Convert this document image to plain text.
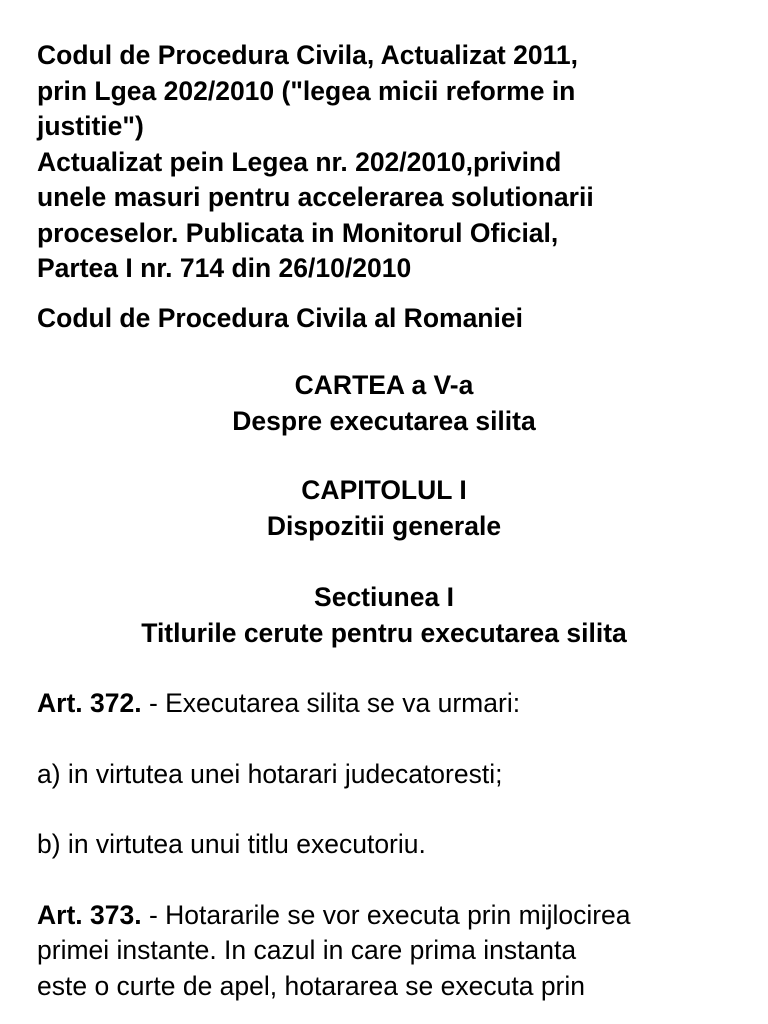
Codul de Procedura Civila, Actualizat 2011,

prin Lgea 202/2010 ("legea micii reforme in

justitie")

Actualizat pein Legea nr. 202/2010,privind

unele masuri pentru accelerarea solutionarii

proceselor. Publicata in Monitorul Oficial,

Partea I nr. 714 din 26/10/2010

Codul de Procedura Civila al Romaniei

CARTEA a V-a

Despre executarea silita

CAPITOLUL I

Dispozitii generale

Sectiunea I

Titlurile cerute pentru executarea silita

Art. 372. - Executarea silita se va urmari:

a) in virtutea unei hotarari judecatoresti;

b) in virtutea unui titlu executoriu.

Art. 373. - Hotararile se vor executa prin mijlocirea

primei instante. In cazul in care prima instanta

este o curte de apel, hotararea se executa prin
